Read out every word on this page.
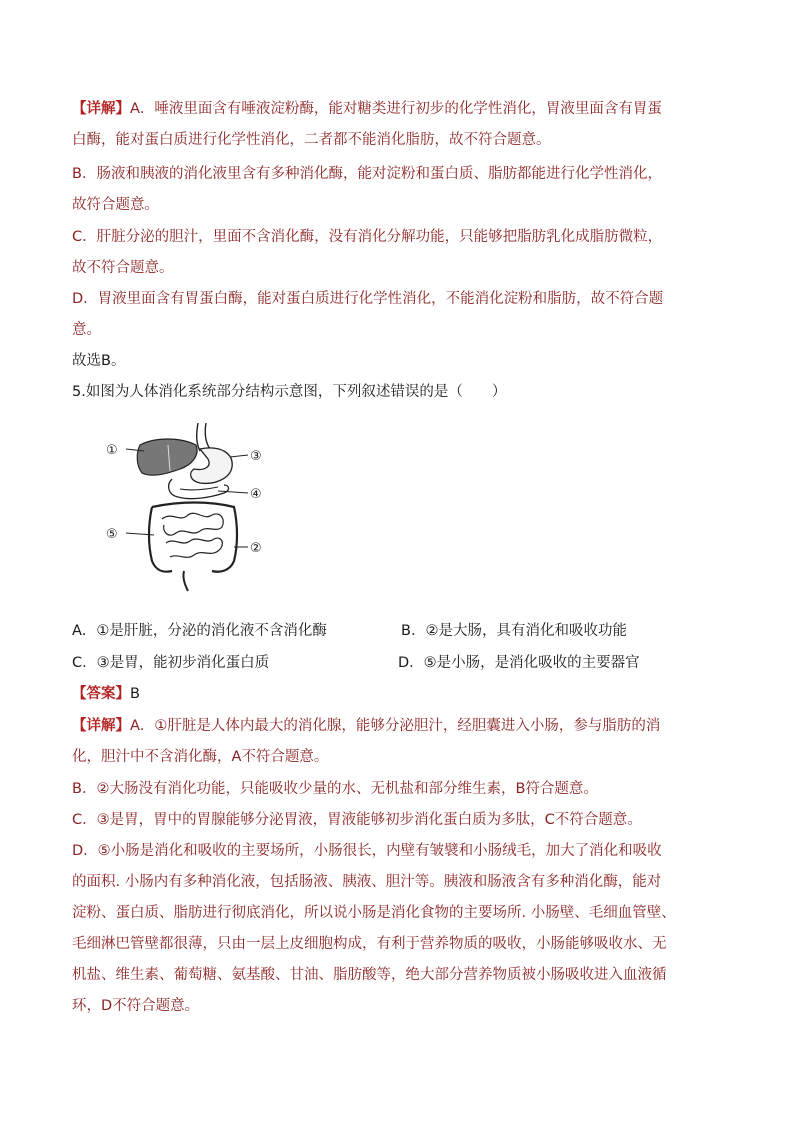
【详解】A．唾液里面含有唾液淀粉酶，能对糖类进行初步的化学性消化，胃液里面含有胃蛋

白酶，能对蛋白质进行化学性消化，二者都不能消化脂肪，故不符合题意。

B．肠液和胰液的消化液里含有多种消化酶，能对淀粉和蛋白质、脂肪都能进行化学性消化，

故符合题意。

C．肝脏分泌的胆汁，里面不含消化酶，没有消化分解功能，只能够把脂肪乳化成脂肪微粒，

故不符合题意。

D．胃液里面含有胃蛋白酶，能对蛋白质进行化学性消化，不能消化淀粉和脂肪，故不符合题

意。

故选B。

5.如图为人体消化系统部分结构示意图，下列叙述错误的是（　　）

①	③
④
⑤
②
A．①是肝脏，分泌的消化液不含消化酶	B．②是大肠，具有消化和吸收功能
C．③是胃，能初步消化蛋白质	D．⑤是小肠，是消化吸收的主要器官

【答案】B

【详解】A．①肝脏是人体内最大的消化腺，能够分泌胆汁，经胆囊进入小肠，参与脂肪的消

化，胆汁中不含消化酶，A不符合题意。

B．②大肠没有消化功能，只能吸收少量的水、无机盐和部分维生素，B符合题意。

C．③是胃，胃中的胃腺能够分泌胃液，胃液能够初步消化蛋白质为多肽，C不符合题意。

D．⑤小肠是消化和吸收的主要场所，小肠很长，内壁有皱襞和小肠绒毛，加大了消化和吸收

的面积. 小肠内有多种消化液，包括肠液、胰液、胆汁等。胰液和肠液含有多种消化酶，能对

淀粉、蛋白质、脂肪进行彻底消化，所以说小肠是消化食物的主要场所. 小肠壁、毛细血管壁、

毛细淋巴管壁都很薄，只由一层上皮细胞构成，有利于营养物质的吸收，小肠能够吸收水、无

机盐、维生素、葡萄糖、氨基酸、甘油、脂肪酸等，绝大部分营养物质被小肠吸收进入血液循

环，D不符合题意。
